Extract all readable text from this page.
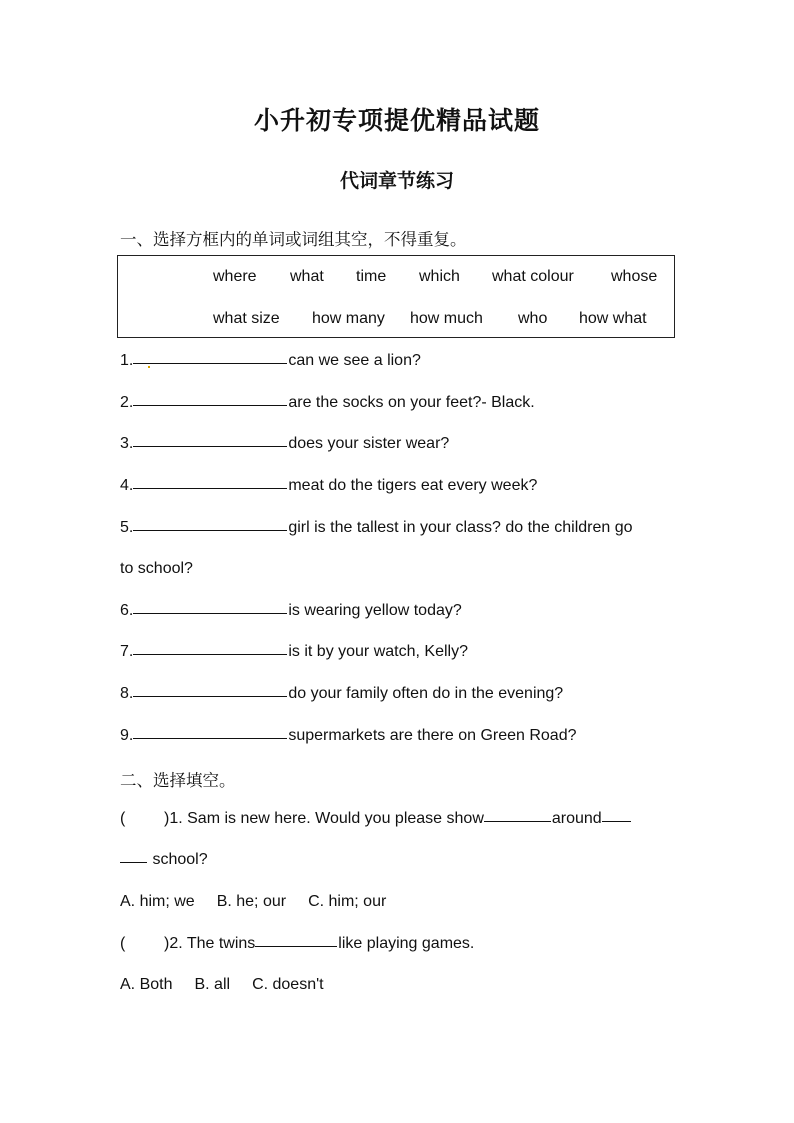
小升初专项提优精品试题
代词章节练习
一、选择方框内的单词或词组其空，不得重复。
where what time which what colour whose
what size how many how much who how what
1.	can we see a lion?
2.	are the socks on your feet?- Black.
3.	does your sister wear?
4.	meat do the tigers eat every week?
5.	girl is the tallest in your class? do the children go
to school?
6.	is wearing yellow today?
7.	is it by your watch, Kelly?
8.	do your family often do in the evening?
9.	supermarkets are there on Green Road?
二、选择填空。
( )1. Sam is new here. Would you please show	around
school?
A. him; we B. he; our C. him; our
( )2. The twins	like playing games.
A. Both B. all C. doesn't
